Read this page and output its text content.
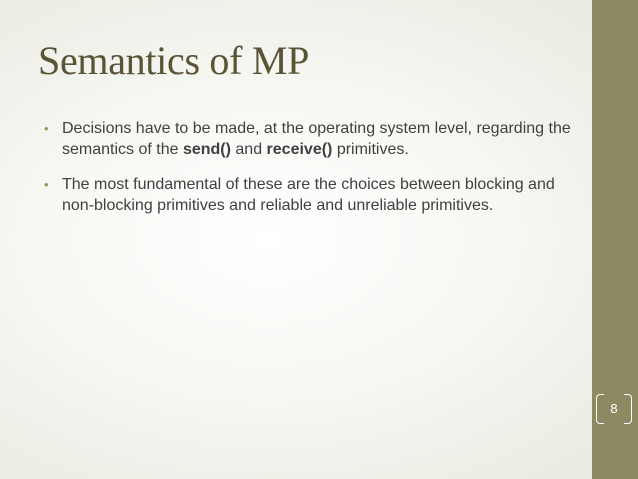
Semantics of MP
• Decisions have to be made, at the operating system level, regarding the semantics of the send() and receive() primitives.
• The most fundamental of these are the choices between blocking and non-blocking primitives and reliable and unreliable primitives.
8
